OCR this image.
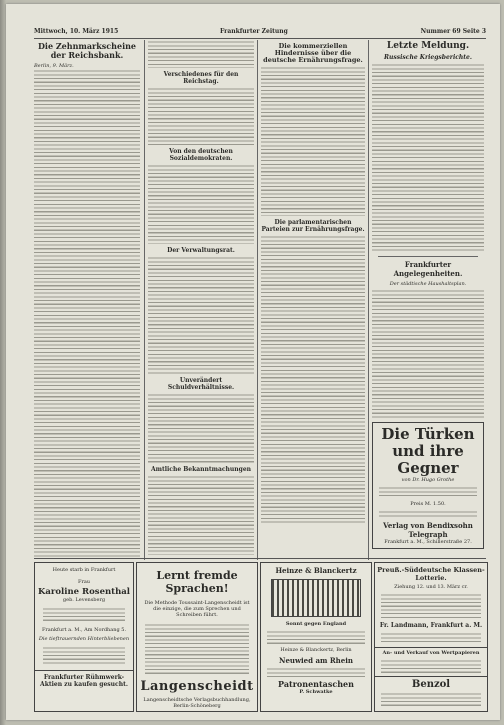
Mittwoch, 10. März 1915	Frankfurter Zeitung	Nummer 69 Seite 3
Die Zehnmarkscheine der Reichsbank.
Berlin, 9. März.
Verschiedenes für den Reichstag.
Von den deutschen Sozialdemokraten.
Der Verwaltungsrat.
Unverändert Schuldverhältnisse.
Amtliche Bekanntmachungen
Die kommerziellen Hindernisse über die deutsche Ernährungsfrage.
Die parlamentarischen Parteien zur Ernährungsfrage.
Letzte Meldung.
Russische Kriegsberichte.
Frankfurter Angelegenheiten.
Der städtische Haushaltsplan.
Die Türken und ihre Gegner
von Dr. Hugo Grothe
Preis M. 1.50.
Verlag von Bendixsohn Telegraph
Frankfurt a. M., Schillerstraße 27.
Heute starb in Frankfurt
Frau
Karoline Rosenthal
geb. Levensberg
Frankfurt a. M., Am Nordhang 5.
Die tieftrauernden Hinterbliebenen
Frankfurter Rühmwerk-Aktien zu kaufen gesucht.
Lernt fremde Sprachen!
Die Methode Toussaint-Langenscheidt ist die einzige, die zum Sprechen und Schreiben führt.
Langenscheidt
Langenscheidtsche Verlagsbuchhandlung, Berlin-Schöneberg
Heinze & Blanckertz
Sonnt gegen England
Heinze & Blanckertz, Berlin
Neuwied am Rhein
Patronentaschen
P. Schwatke
Preuß.-Süddeutsche Klassen-Lotterie.
Ziehung 12. und 13. März cr.
Fr. Landmann, Frankfurt a. M.
An- und Verkauf von Wertpapieren
Benzol
